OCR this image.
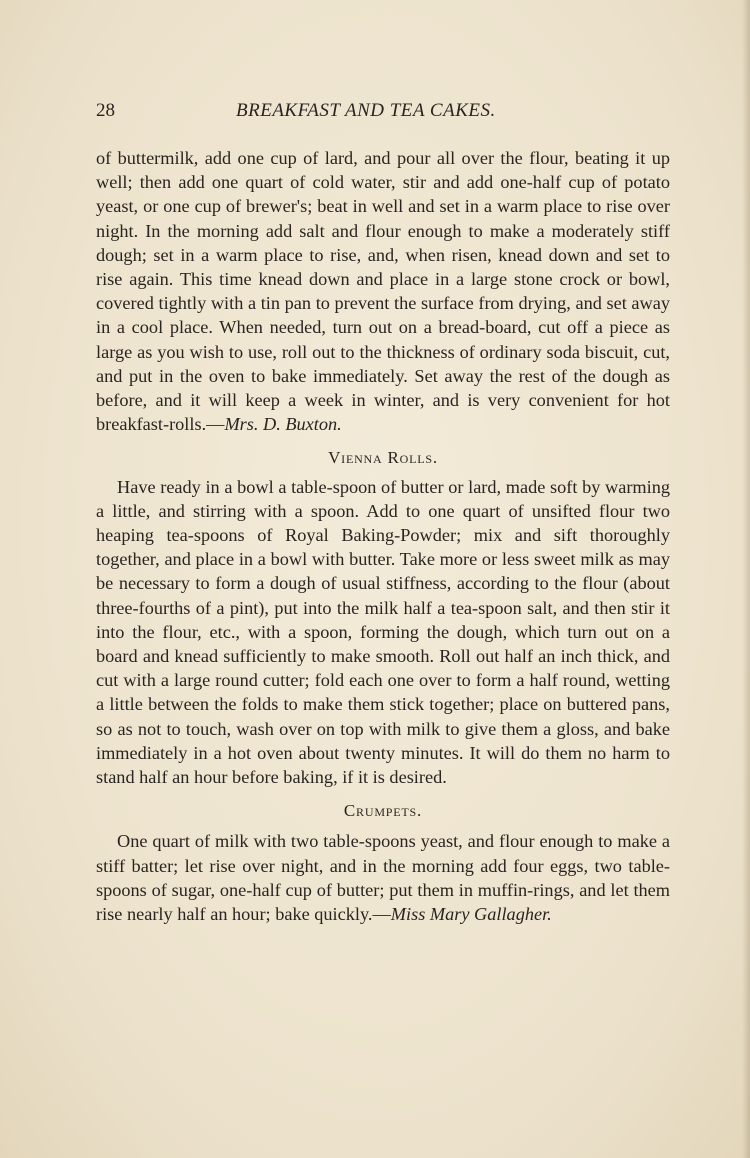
28	BREAKFAST AND TEA CAKES.

of buttermilk, add one cup of lard, and pour all over the flour, beating it up well; then add one quart of cold water, stir and add one-half cup of potato yeast, or one cup of brewer's; beat in well and set in a warm place to rise over night. In the morning add salt and flour enough to make a moderately stiff dough; set in a warm place to rise, and, when risen, knead down and set to rise again. This time knead down and place in a large stone crock or bowl, covered tightly with a tin pan to prevent the surface from drying, and set away in a cool place. When needed, turn out on a bread-board, cut off a piece as large as you wish to use, roll out to the thickness of ordinary soda biscuit, cut, and put in the oven to bake immediately. Set away the rest of the dough as before, and it will keep a week in winter, and is very convenient for hot breakfast-rolls.—Mrs. D. Buxton.

Vienna Rolls.

Have ready in a bowl a table-spoon of butter or lard, made soft by warming a little, and stirring with a spoon. Add to one quart of unsifted flour two heaping tea-spoons of Royal Baking-Powder; mix and sift thoroughly together, and place in a bowl with butter. Take more or less sweet milk as may be necessary to form a dough of usual stiffness, according to the flour (about three-fourths of a pint), put into the milk half a tea-spoon salt, and then stir it into the flour, etc., with a spoon, forming the dough, which turn out on a board and knead sufficiently to make smooth. Roll out half an inch thick, and cut with a large round cutter; fold each one over to form a half round, wetting a little between the folds to make them stick together; place on buttered pans, so as not to touch, wash over on top with milk to give them a gloss, and bake immediately in a hot oven about twenty minutes. It will do them no harm to stand half an hour before baking, if it is desired.

Crumpets.

One quart of milk with two table-spoons yeast, and flour enough to make a stiff batter; let rise over night, and in the morning add four eggs, two table-spoons of sugar, one-half cup of butter; put them in muffin-rings, and let them rise nearly half an hour; bake quickly.—Miss Mary Gallagher.
